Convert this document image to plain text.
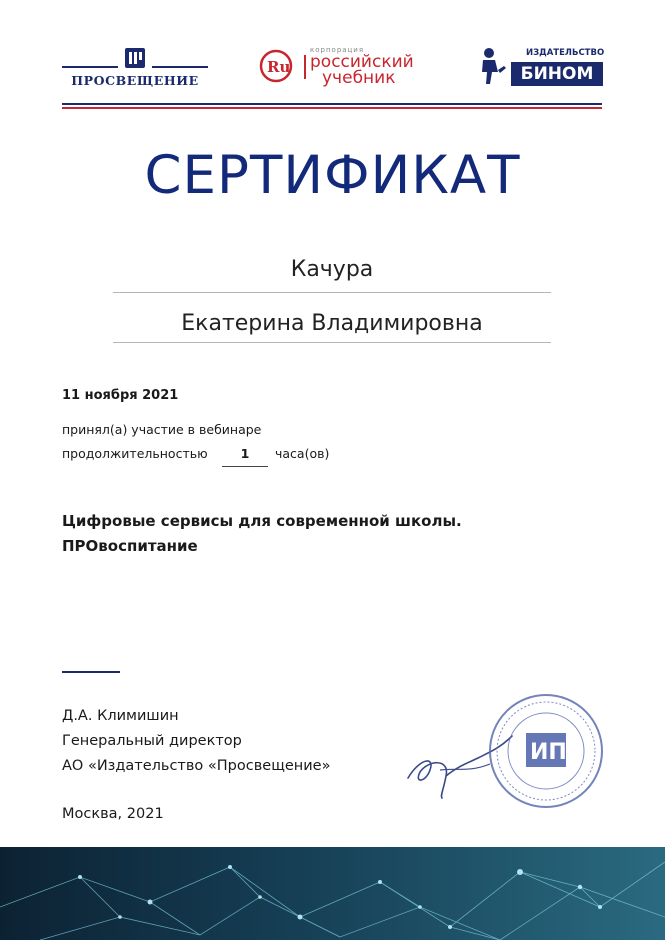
ПРОСВЕЩЕНИЕ
Ru
корпорация
российский
учебник
ИЗДАТЕЛЬСТВО
БИНОМ
СЕРТИФИКАТ
Качура
Екатерина Владимировна
11 ноября 2021
принял(а) участие в вебинаре
продолжительностью	1	часа(ов)
Цифровые сервисы для современной школы.
ПРОвоспитание
Д.А. Климишин
Генеральный директор
АО «Издательство «Просвещение»
Москва, 2021
ИП
